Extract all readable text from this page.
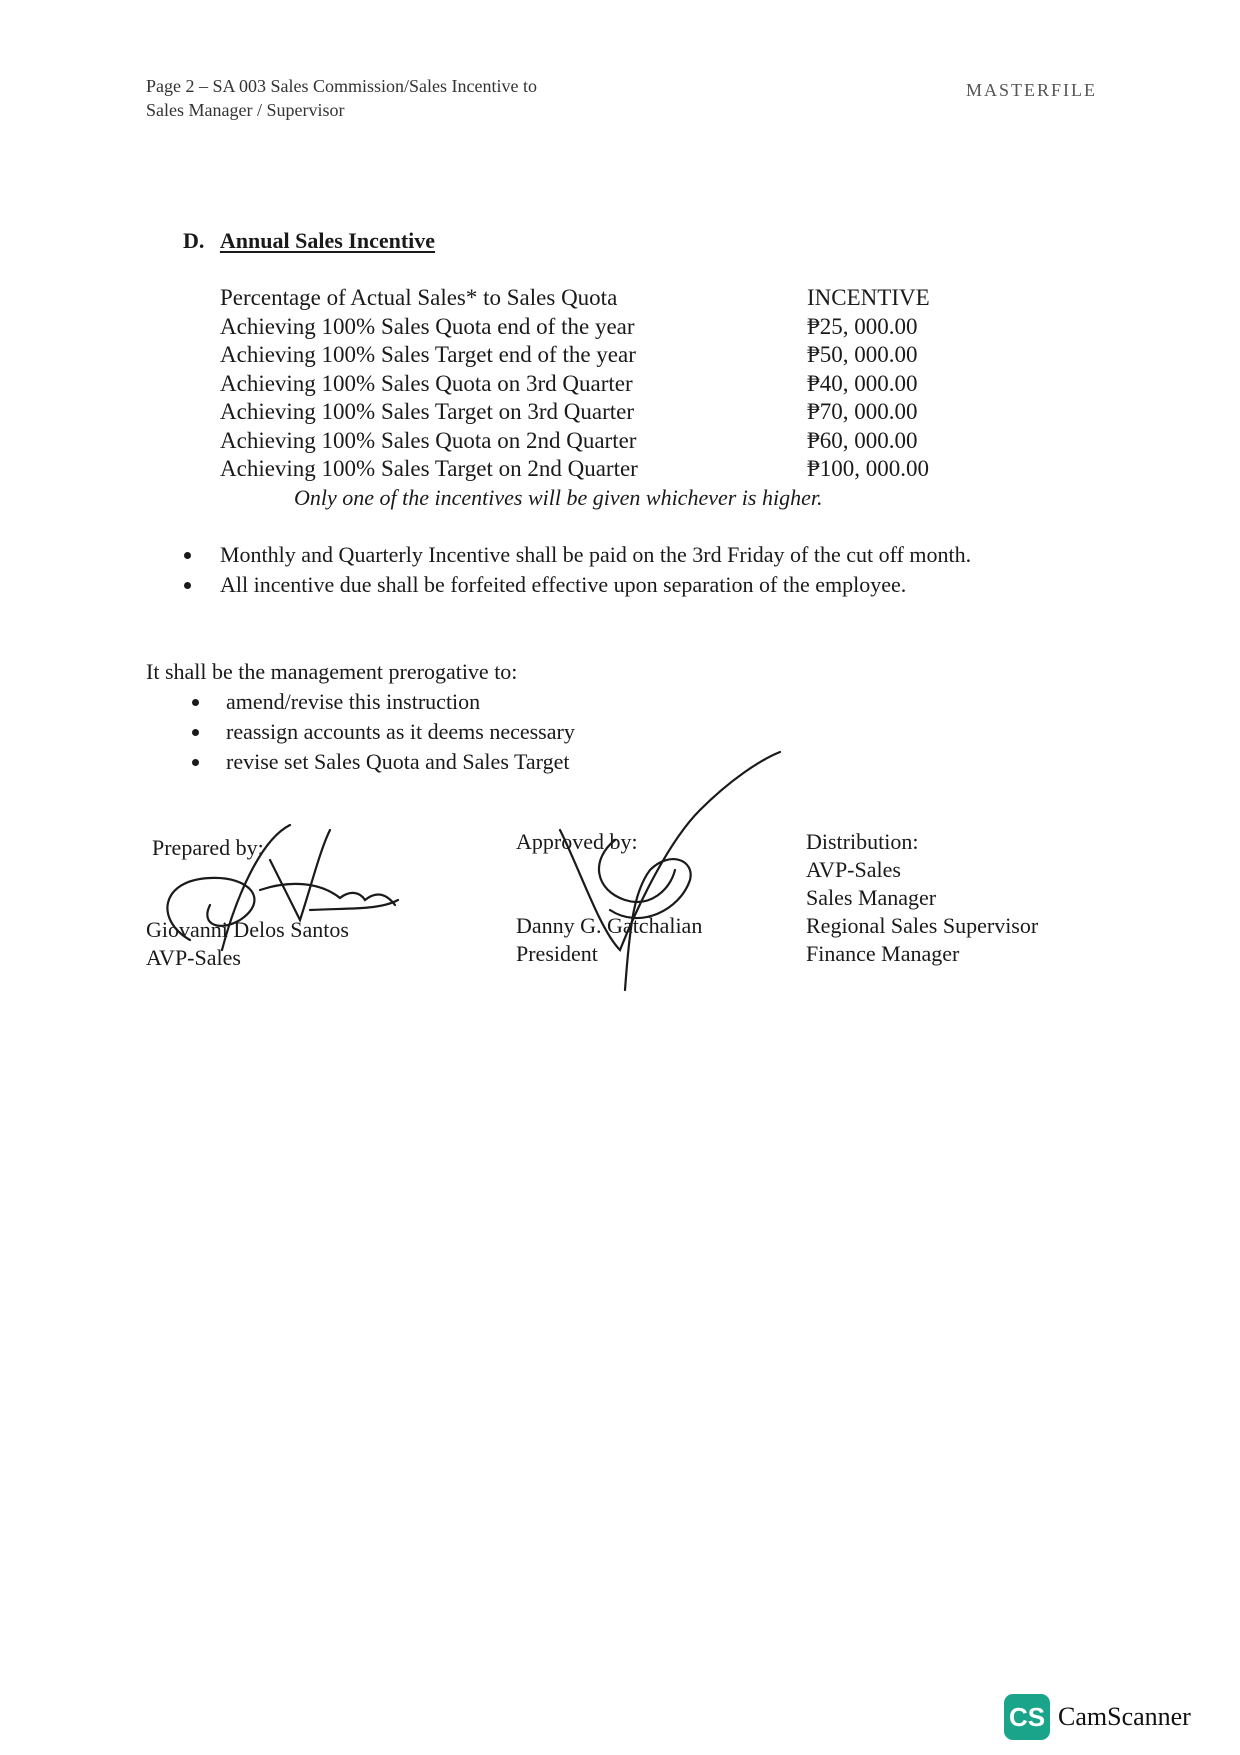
Page 2 – SA 003 Sales Commission/Sales Incentive to
Sales Manager / Supervisor
MASTERFILE
D. Annual Sales Incentive
Percentage of Actual Sales* to Sales Quota	INCENTIVE
Achieving 100% Sales Quota end of the year	₱25, 000.00
Achieving 100% Sales Target end of the year	₱50, 000.00
Achieving 100% Sales Quota on 3rd Quarter	₱40, 000.00
Achieving 100% Sales Target on 3rd Quarter	₱70, 000.00
Achieving 100% Sales Quota on 2nd Quarter	₱60, 000.00
Achieving 100% Sales Target on 2nd Quarter	₱100, 000.00
Only one of the incentives will be given whichever is higher.
Monthly and Quarterly Incentive shall be paid on the 3rd Friday of the cut off month.
All incentive due shall be forfeited effective upon separation of the employee.
It shall be the management prerogative to:
amend/revise this instruction
reassign accounts as it deems necessary
revise set Sales Quota and Sales Target
Prepared by:
Giovanni Delos Santos
AVP-Sales
Approved by:
Danny G. Gatchalian
President
Distribution:
AVP-Sales
Sales Manager
Regional Sales Supervisor
Finance Manager
CS CamScanner
